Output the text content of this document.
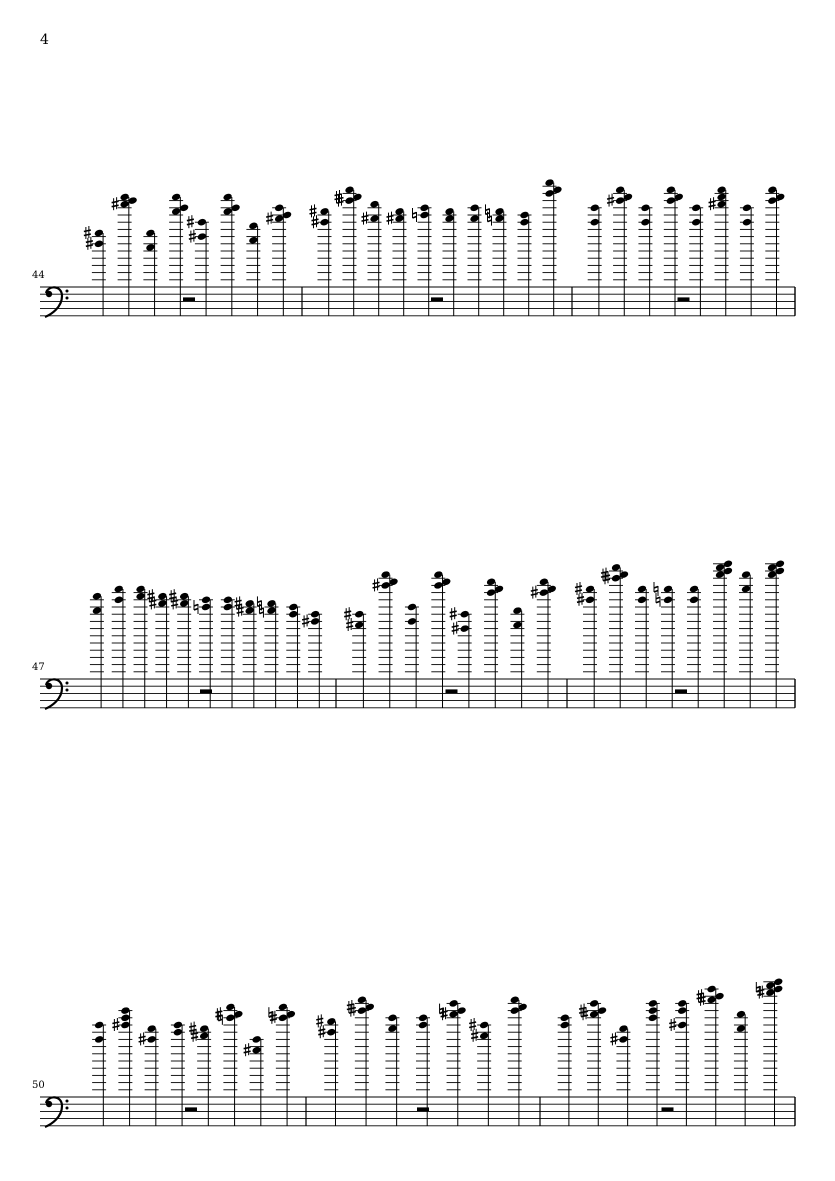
4
44
47
50
